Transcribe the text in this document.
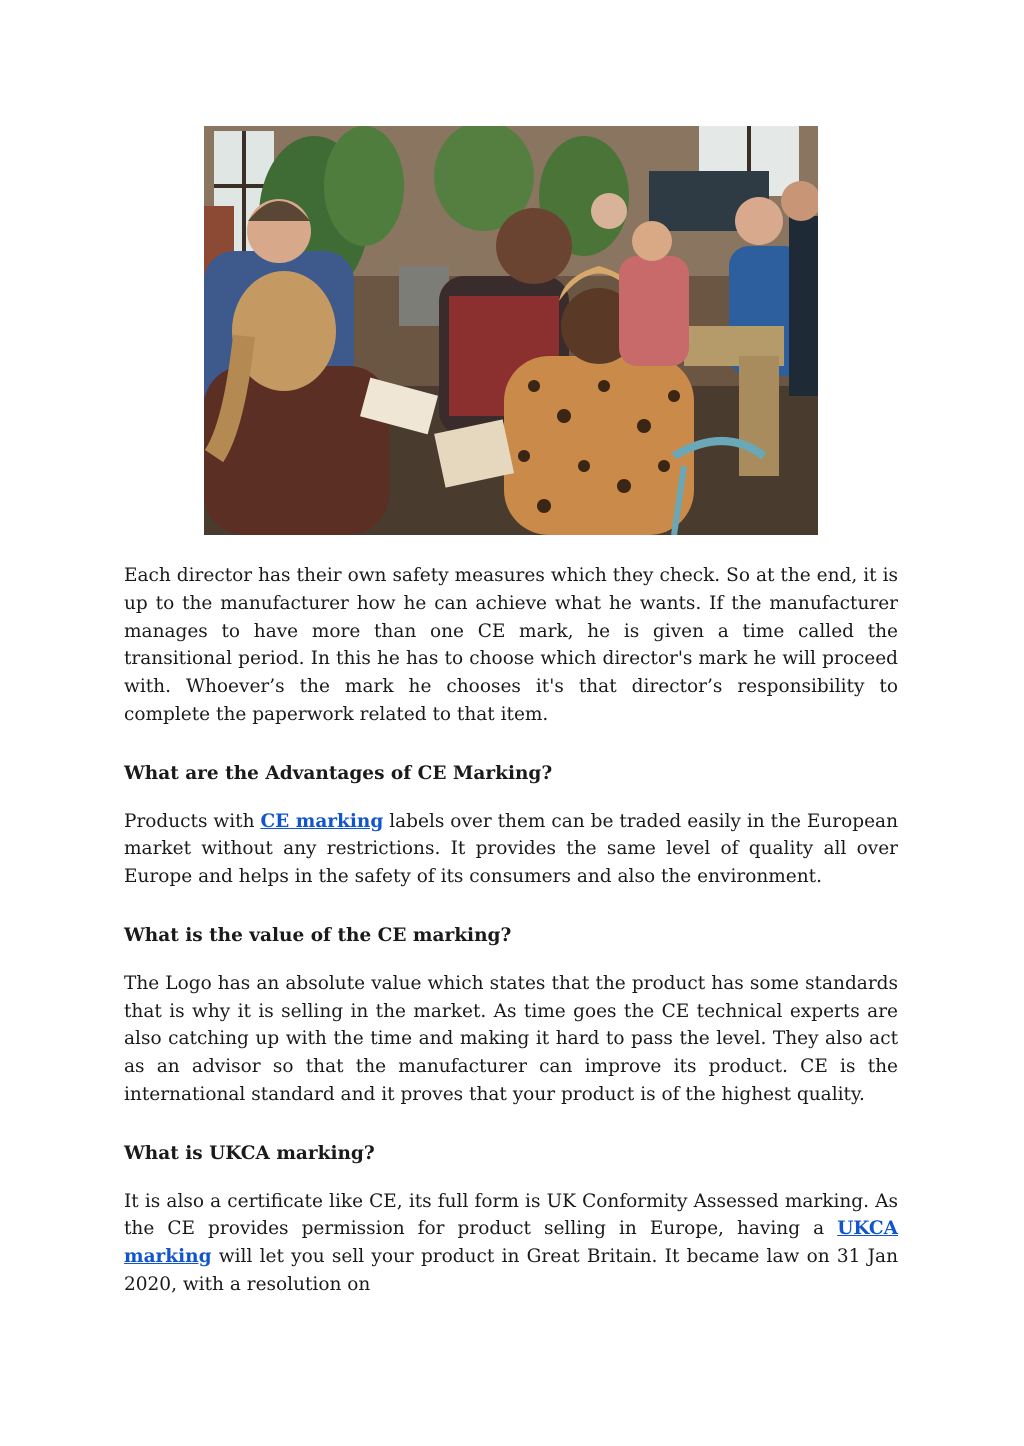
Each director has their own safety measures which they check. So at the end, it is up to the manufacturer how he can achieve what he wants. If the manufacturer manages to have more than one CE mark, he is given a time called the transitional period. In this he has to choose which director's mark he will proceed with. Whoever’s the mark he chooses it's that director’s responsibility to complete the paperwork related to that item.

What are the Advantages of CE Marking?

Products with CE marking labels over them can be traded easily in the European market without any restrictions. It provides the same level of quality all over Europe and helps in the safety of its consumers and also the environment.

What is the value of the CE marking?

The Logo has an absolute value which states that the product has some standards that is why it is selling in the market. As time goes the CE technical experts are also catching up with the time and making it hard to pass the level. They also act as an advisor so that the manufacturer can improve its product. CE is the international standard and it proves that your product is of the highest quality.

What is UKCA marking?

It is also a certificate like CE, its full form is UK Conformity Assessed marking. As the CE provides permission for product selling in Europe, having a UKCA marking will let you sell your product in Great Britain. It became law on 31 Jan 2020, with a resolution on
